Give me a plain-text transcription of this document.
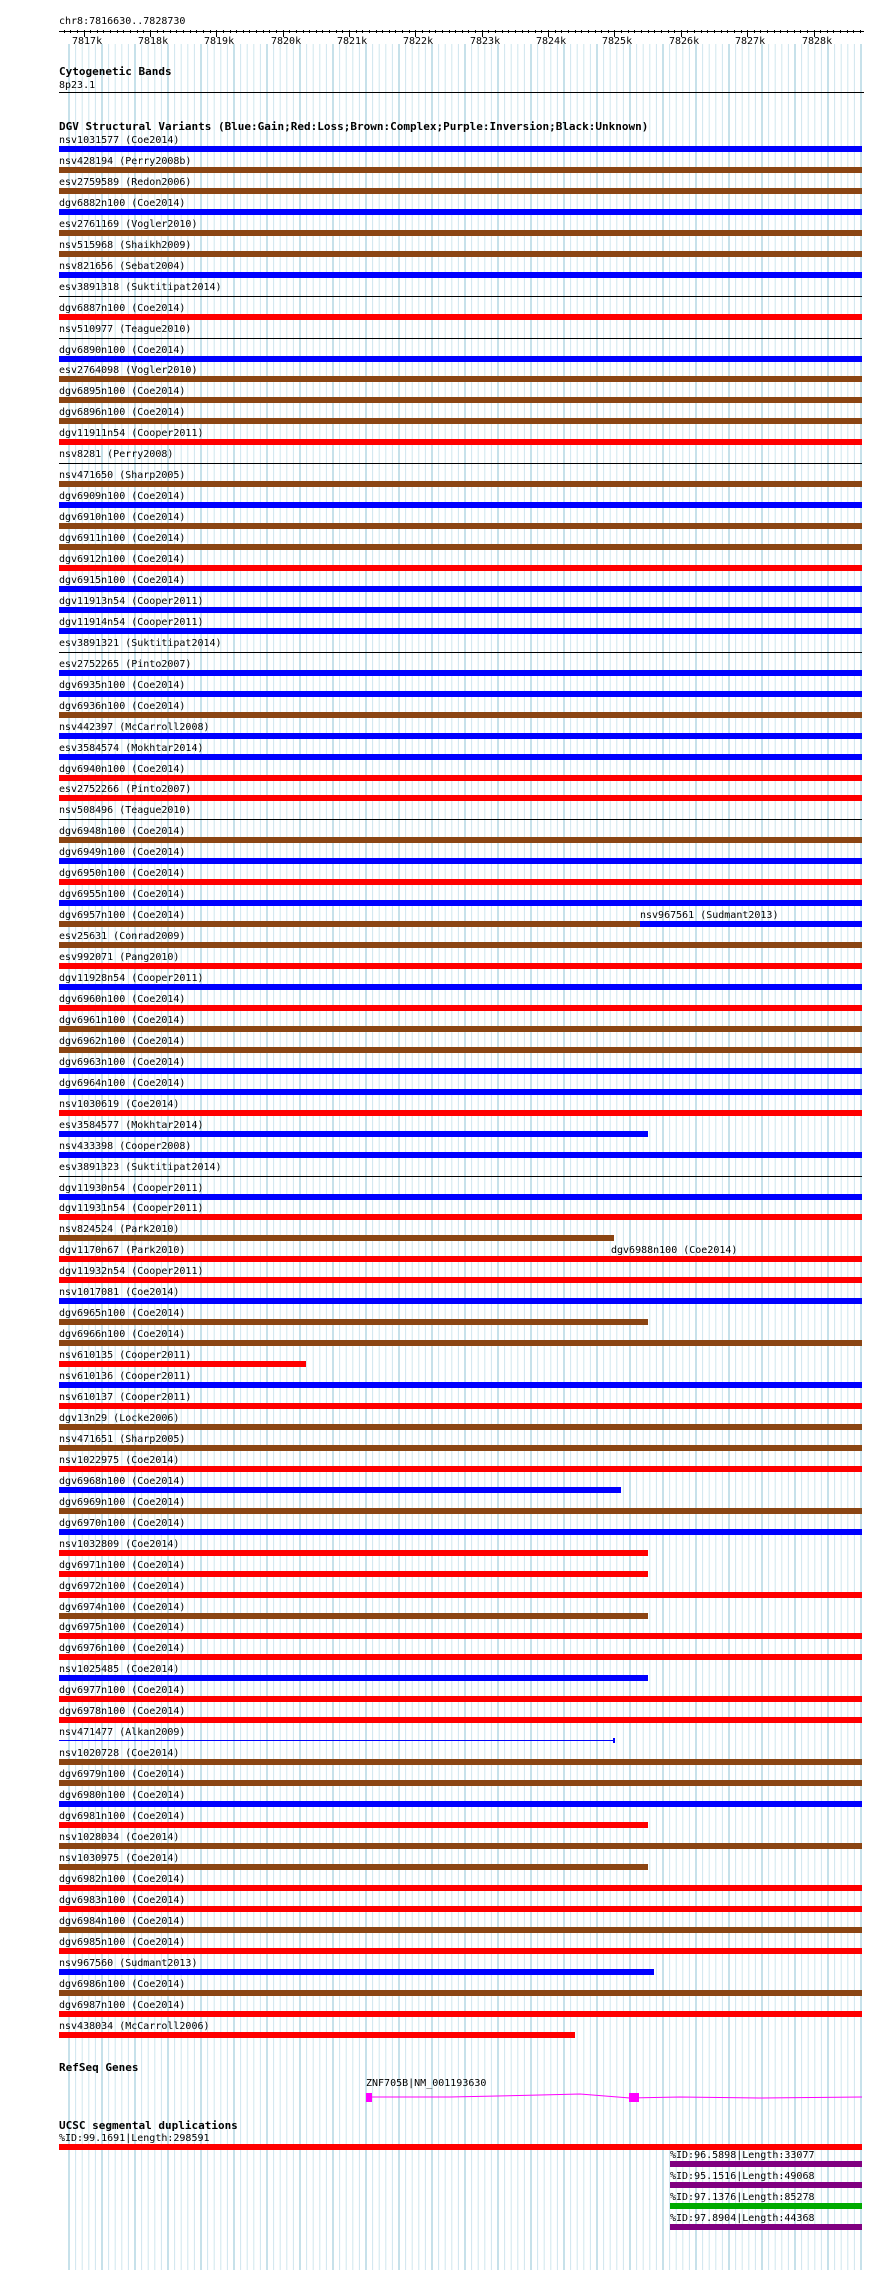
chr8:7816630..7828730
7817k	7818k	7819k	7820k	7821k	7822k	7823k	7824k	7825k	7826k	7827k	7828k
Cytogenetic Bands
8p23.1
DGV Structural Variants (Blue:Gain;Red:Loss;Brown:Complex;Purple:Inversion;Black:Unknown)
nsv1031577 (Coe2014)
nsv428194 (Perry2008b)
esv2759589 (Redon2006)
dgv6882n100 (Coe2014)
esv2761169 (Vogler2010)
nsv515968 (Shaikh2009)
nsv821656 (Sebat2004)
esv3891318 (Suktitipat2014)
dgv6887n100 (Coe2014)
nsv510977 (Teague2010)
dgv6890n100 (Coe2014)
esv2764098 (Vogler2010)
dgv6895n100 (Coe2014)
dgv6896n100 (Coe2014)
dgv11911n54 (Cooper2011)
nsv8281 (Perry2008)
nsv471650 (Sharp2005)
dgv6909n100 (Coe2014)
dgv6910n100 (Coe2014)
dgv6911n100 (Coe2014)
dgv6912n100 (Coe2014)
dgv6915n100 (Coe2014)
dgv11913n54 (Cooper2011)
dgv11914n54 (Cooper2011)
esv3891321 (Suktitipat2014)
esv2752265 (Pinto2007)
dgv6935n100 (Coe2014)
dgv6936n100 (Coe2014)
nsv442397 (McCarroll2008)
esv3584574 (Mokhtar2014)
dgv6940n100 (Coe2014)
esv2752266 (Pinto2007)
nsv508496 (Teague2010)
dgv6948n100 (Coe2014)
dgv6949n100 (Coe2014)
dgv6950n100 (Coe2014)
dgv6955n100 (Coe2014)
dgv6957n100 (Coe2014)	nsv967561 (Sudmant2013)
esv25631 (Conrad2009)
esv992071 (Pang2010)
dgv11928n54 (Cooper2011)
dgv6960n100 (Coe2014)
dgv6961n100 (Coe2014)
dgv6962n100 (Coe2014)
dgv6963n100 (Coe2014)
dgv6964n100 (Coe2014)
nsv1030619 (Coe2014)
esv3584577 (Mokhtar2014)
nsv433398 (Cooper2008)
esv3891323 (Suktitipat2014)
dgv11930n54 (Cooper2011)
dgv11931n54 (Cooper2011)
nsv824524 (Park2010)
dgv1170n67 (Park2010)	dgv6988n100 (Coe2014)
dgv11932n54 (Cooper2011)
nsv1017081 (Coe2014)
dgv6965n100 (Coe2014)
dgv6966n100 (Coe2014)
nsv610135 (Cooper2011)
nsv610136 (Cooper2011)
nsv610137 (Cooper2011)
dgv13n29 (Locke2006)
nsv471651 (Sharp2005)
nsv1022975 (Coe2014)
dgv6968n100 (Coe2014)
dgv6969n100 (Coe2014)
dgv6970n100 (Coe2014)
nsv1032809 (Coe2014)
dgv6971n100 (Coe2014)
dgv6972n100 (Coe2014)
dgv6974n100 (Coe2014)
dgv6975n100 (Coe2014)
dgv6976n100 (Coe2014)
nsv1025485 (Coe2014)
dgv6977n100 (Coe2014)
dgv6978n100 (Coe2014)
nsv471477 (Alkan2009)
nsv1020728 (Coe2014)
dgv6979n100 (Coe2014)
dgv6980n100 (Coe2014)
dgv6981n100 (Coe2014)
nsv1028034 (Coe2014)
nsv1030975 (Coe2014)
dgv6982n100 (Coe2014)
dgv6983n100 (Coe2014)
dgv6984n100 (Coe2014)
dgv6985n100 (Coe2014)
nsv967560 (Sudmant2013)
dgv6986n100 (Coe2014)
dgv6987n100 (Coe2014)
nsv438034 (McCarroll2006)
RefSeq Genes
ZNF705B|NM_001193630
UCSC segmental duplications
%ID:99.1691|Length:298591
%ID:96.5898|Length:33077
%ID:95.1516|Length:49068
%ID:97.1376|Length:85278
%ID:97.8904|Length:44368
